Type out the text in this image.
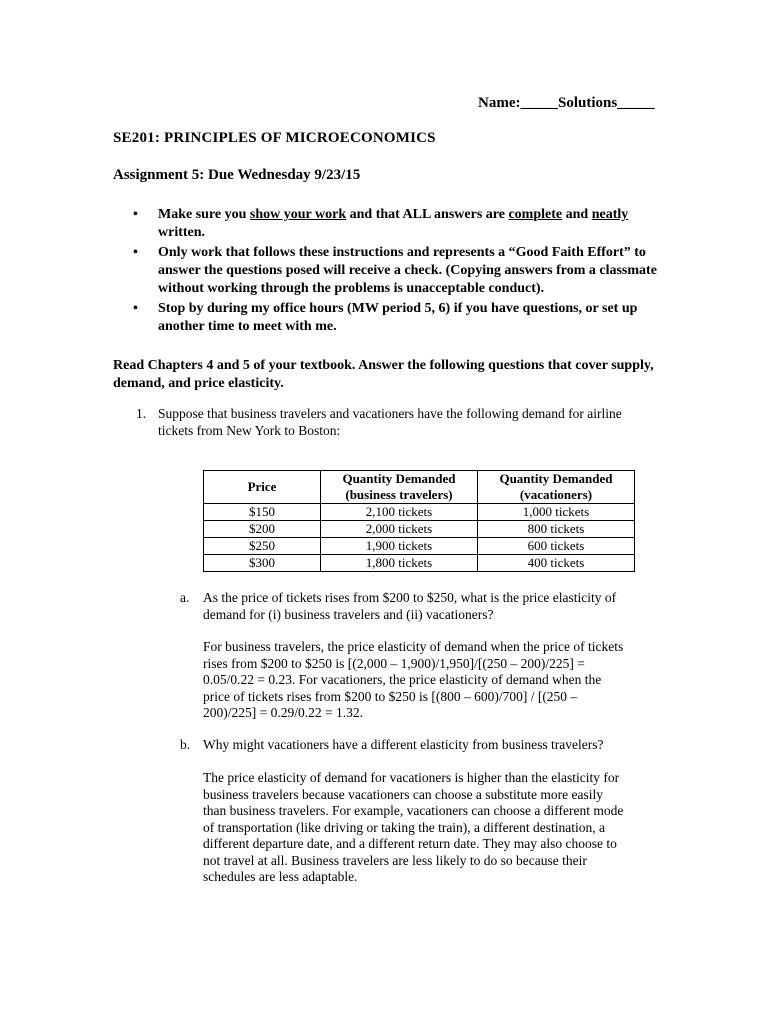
Name:_____Solutions_____
SE201: PRINCIPLES OF MICROECONOMICS
Assignment 5: Due Wednesday 9/23/15
• Make sure you show your work and that ALL answers are complete and neatly written.
• Only work that follows these instructions and represents a “Good Faith Effort” to answer the questions posed will receive a check. (Copying answers from a classmate without working through the problems is unacceptable conduct).
• Stop by during my office hours (MW period 5, 6) if you have questions, or set up another time to meet with me.
Read Chapters 4 and 5 of your textbook. Answer the following questions that cover supply, demand, and price elasticity.
1. Suppose that business travelers and vacationers have the following demand for airline tickets from New York to Boston:
Price	Quantity Demanded (business travelers)	Quantity Demanded (vacationers)
$150	2,100 tickets	1,000 tickets
$200	2,000 tickets	800 tickets
$250	1,900 tickets	600 tickets
$300	1,800 tickets	400 tickets
a. As the price of tickets rises from $200 to $250, what is the price elasticity of demand for (i) business travelers and (ii) vacationers?
For business travelers, the price elasticity of demand when the price of tickets rises from $200 to $250 is [(2,000 – 1,900)/1,950]/[(250 – 200)/225] = 0.05/0.22 = 0.23. For vacationers, the price elasticity of demand when the price of tickets rises from $200 to $250 is [(800 – 600)/700] / [(250 – 200)/225] = 0.29/0.22 = 1.32.
b. Why might vacationers have a different elasticity from business travelers?
The price elasticity of demand for vacationers is higher than the elasticity for business travelers because vacationers can choose a substitute more easily than business travelers. For example, vacationers can choose a different mode of transportation (like driving or taking the train), a different destination, a different departure date, and a different return date. They may also choose to not travel at all. Business travelers are less likely to do so because their schedules are less adaptable.
